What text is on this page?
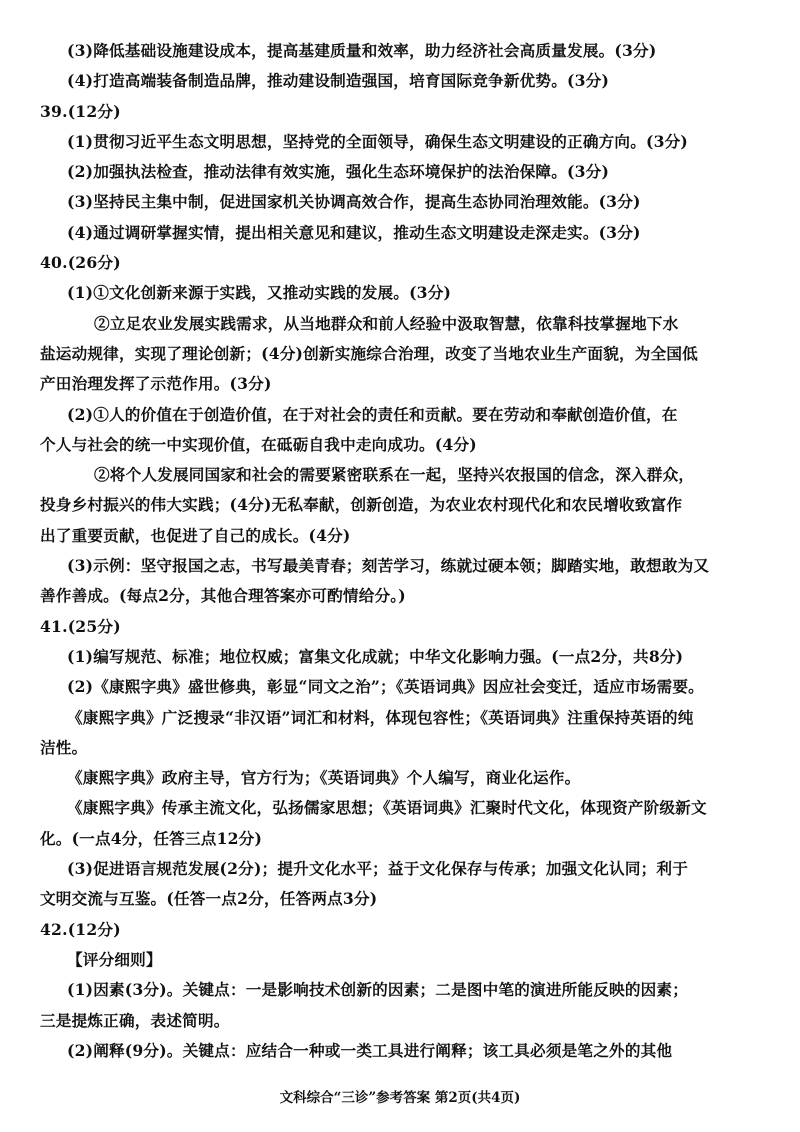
(3)降低基础设施建设成本，提高基建质量和效率，助力经济社会高质量发展。(3分)
(4)打造高端装备制造品牌，推动建设制造强国，培育国际竞争新优势。(3分)
39.(12分)
(1)贯彻习近平生态文明思想，坚持党的全面领导，确保生态文明建设的正确方向。(3分)
(2)加强执法检查，推动法律有效实施，强化生态环境保护的法治保障。(3分)
(3)坚持民主集中制，促进国家机关协调高效合作，提高生态协同治理效能。(3分)
(4)通过调研掌握实情，提出相关意见和建议，推动生态文明建设走深走实。(3分)
40.(26分)
(1)①文化创新来源于实践，又推动实践的发展。(3分)
②立足农业发展实践需求，从当地群众和前人经验中汲取智慧，依靠科技掌握地下水
盐运动规律，实现了理论创新；(4分)创新实施综合治理，改变了当地农业生产面貌，为全国低
产田治理发挥了示范作用。(3分)
(2)①人的价值在于创造价值，在于对社会的责任和贡献。要在劳动和奉献创造价值，在
个人与社会的统一中实现价值，在砥砺自我中走向成功。(4分)
②将个人发展同国家和社会的需要紧密联系在一起，坚持兴农报国的信念，深入群众，
投身乡村振兴的伟大实践；(4分)无私奉献，创新创造，为农业农村现代化和农民增收致富作
出了重要贡献，也促进了自己的成长。(4分)
(3)示例：坚守报国之志，书写最美青春；刻苦学习，练就过硬本领；脚踏实地，敢想敢为又
善作善成。(每点2分，其他合理答案亦可酌情给分。)
41.(25分)
(1)编写规范、标准；地位权威；富集文化成就；中华文化影响力强。(一点2分，共8分)
(2)《康熙字典》盛世修典，彰显“同文之治”；《英语词典》因应社会变迁，适应市场需要。
《康熙字典》广泛搜录“非汉语”词汇和材料，体现包容性；《英语词典》注重保持英语的纯
洁性。
《康熙字典》政府主导，官方行为；《英语词典》个人编写，商业化运作。
《康熙字典》传承主流文化，弘扬儒家思想；《英语词典》汇聚时代文化，体现资产阶级新文
化。(一点4分，任答三点12分)
(3)促进语言规范发展(2分)；提升文化水平；益于文化保存与传承；加强文化认同；利于
文明交流与互鉴。(任答一点2分，任答两点3分)
42.(12分)
【评分细则】
(1)因素(3分)。关键点：一是影响技术创新的因素；二是图中笔的演进所能反映的因素；
三是提炼正确，表述简明。
(2)阐释(9分)。关键点：应结合一种或一类工具进行阐释；该工具必须是笔之外的其他
文科综合“三诊”参考答案 第2页(共4页)
